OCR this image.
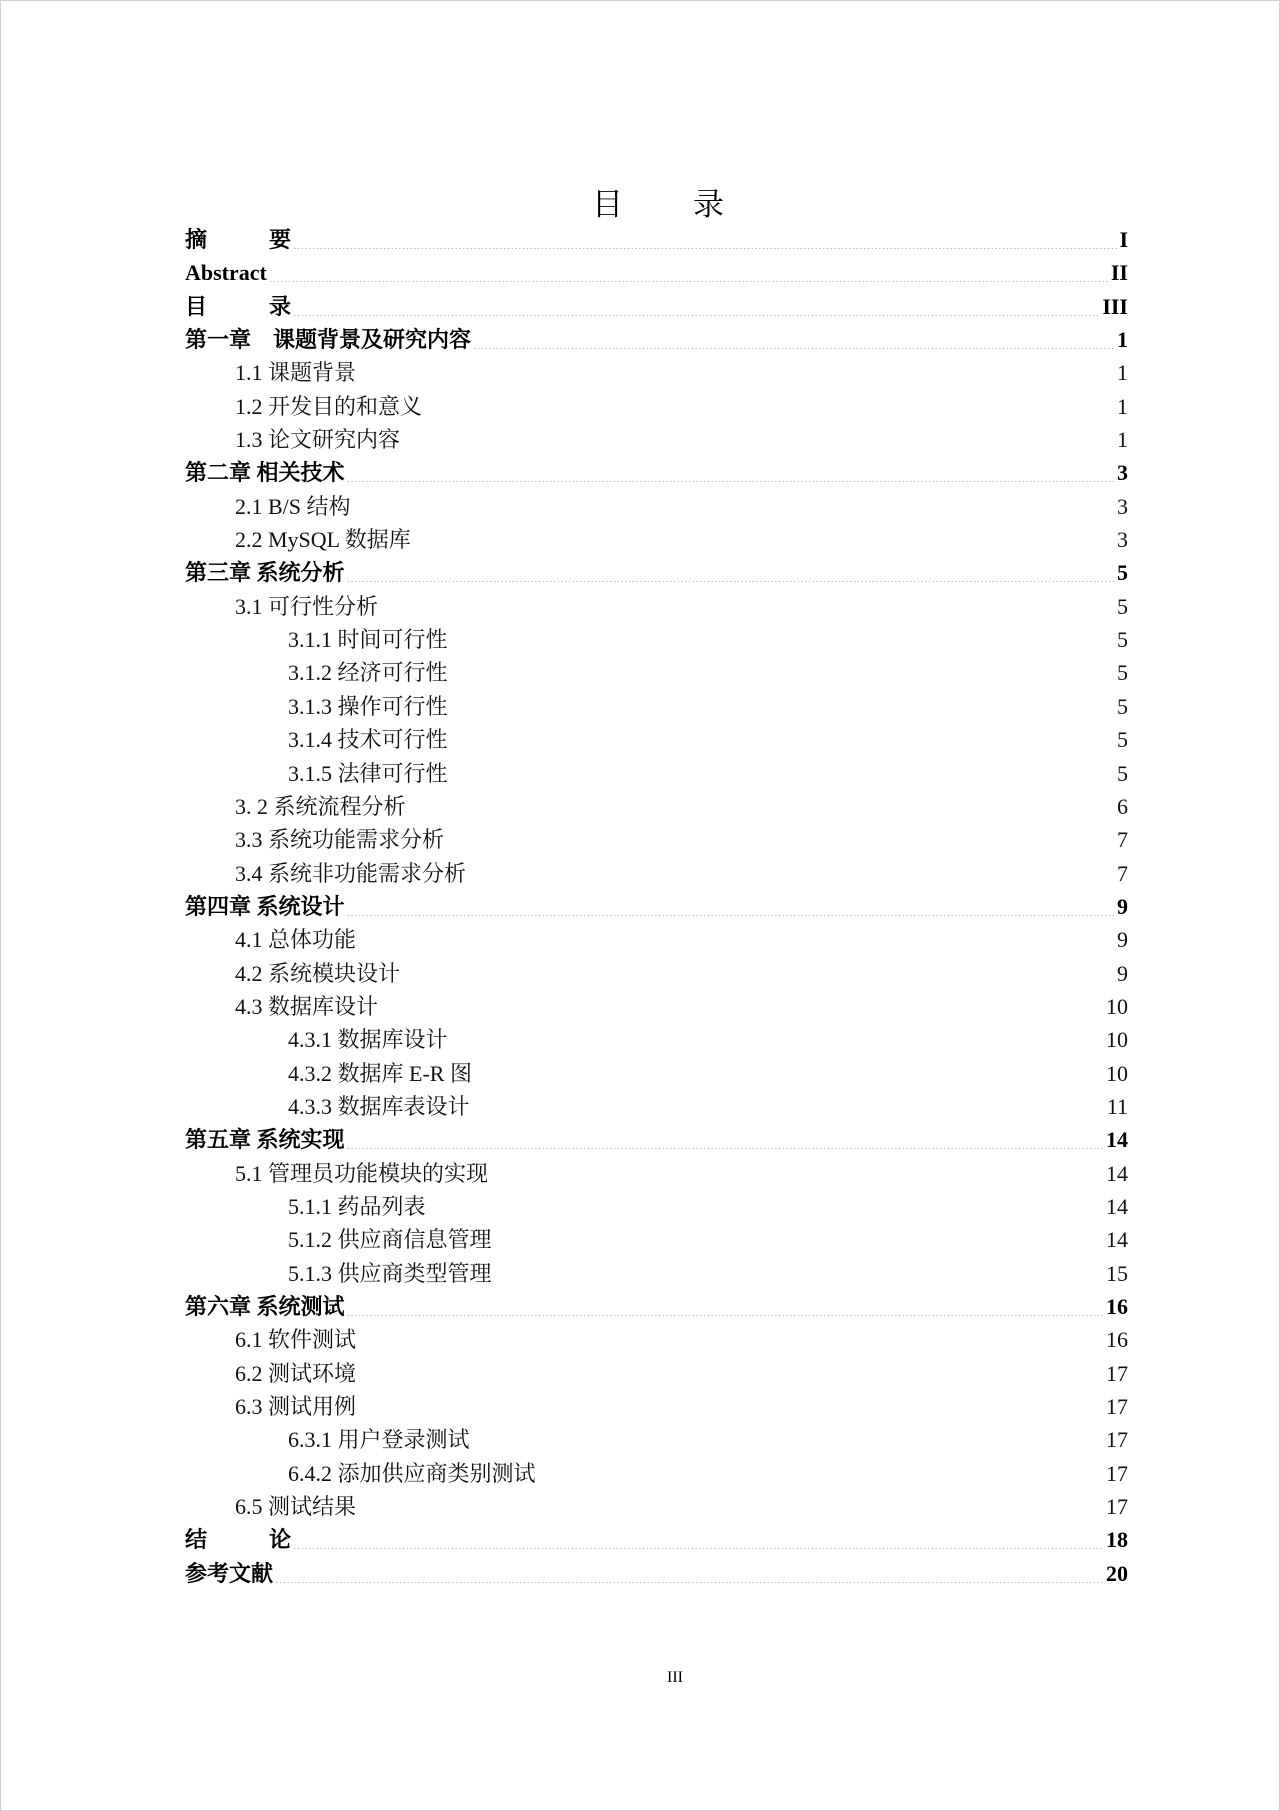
目 录
摘	要 .....	I
Abstract .....	II
目	录 .....	III
第一章　课题背景及研究内容 .....	1
1.1 课题背景 .....	1
1.2 开发目的和意义 .....	1
1.3 论文研究内容 .....	1
第二章 相关技术 .....	3
2.1 B/S 结构 .....	3
2.2 MySQL 数据库 .....	3
第三章 系统分析 .....	5
3.1 可行性分析 .....	5
3.1.1 时间可行性 .....	5
3.1.2 经济可行性 .....	5
3.1.3 操作可行性 .....	5
3.1.4 技术可行性 .....	5
3.1.5 法律可行性 .....	5
3. 2 系统流程分析 .....	6
3.3 系统功能需求分析 .....	7
3.4 系统非功能需求分析 .....	7
第四章 系统设计 .....	9
4.1 总体功能 .....	9
4.2 系统模块设计 .....	9
4.3 数据库设计 .....	10
4.3.1 数据库设计 .....	10
4.3.2 数据库 E-R 图 .....	10
4.3.3 数据库表设计 .....	11
第五章 系统实现 .....	14
5.1 管理员功能模块的实现 .....	14
5.1.1 药品列表 .....	14
5.1.2 供应商信息管理 .....	14
5.1.3 供应商类型管理 .....	15
第六章 系统测试 .....	16
6.1 软件测试 .....	16
6.2 测试环境 .....	17
6.3 测试用例 .....	17
6.3.1 用户登录测试 .....	17
6.4.2 添加供应商类别测试 .....	17
6.5 测试结果 .....	17
结	论 .....	18
参考文献 .....	20
III
